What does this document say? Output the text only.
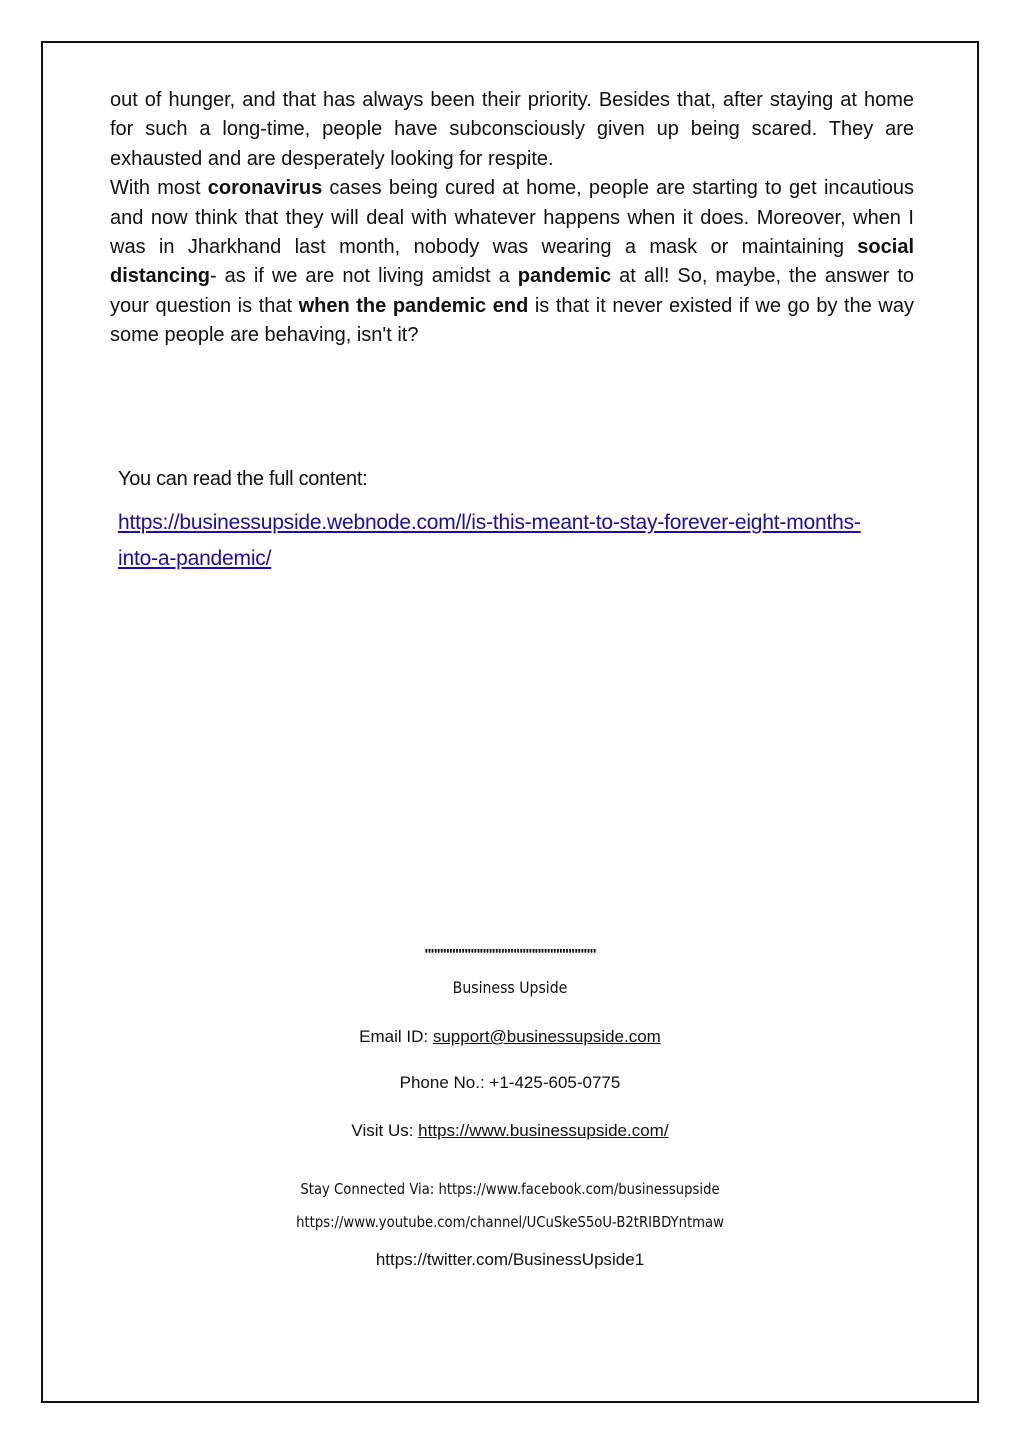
out of hunger, and that has always been their priority. Besides that, after staying at home for such a long-time, people have subconsciously given up being scared. They are exhausted and are desperately looking for respite.

With most coronavirus cases being cured at home, people are starting to get incautious and now think that they will deal with whatever happens when it does. Moreover, when I was in Jharkhand last month, nobody was wearing a mask or maintaining social distancing- as if we are not living amidst a pandemic at all! So, maybe, the answer to your question is that when the pandemic end is that it never existed if we go by the way some people are behaving, isn't it?

You can read the full content:
https://businessupside.webnode.com/l/is-this-meant-to-stay-forever-eight-months-into-a-pandemic/
""""""""""""""""""""""""""""
Business Upside
Email ID: support@businessupside.com
Phone No.: +1-425-605-0775
Visit Us: https://www.businessupside.com/
Stay Connected Via: https://www.facebook.com/businessupside
https://www.youtube.com/channel/UCuSkeS5oU-B2tRIBDYntmaw
https://twitter.com/BusinessUpside1
